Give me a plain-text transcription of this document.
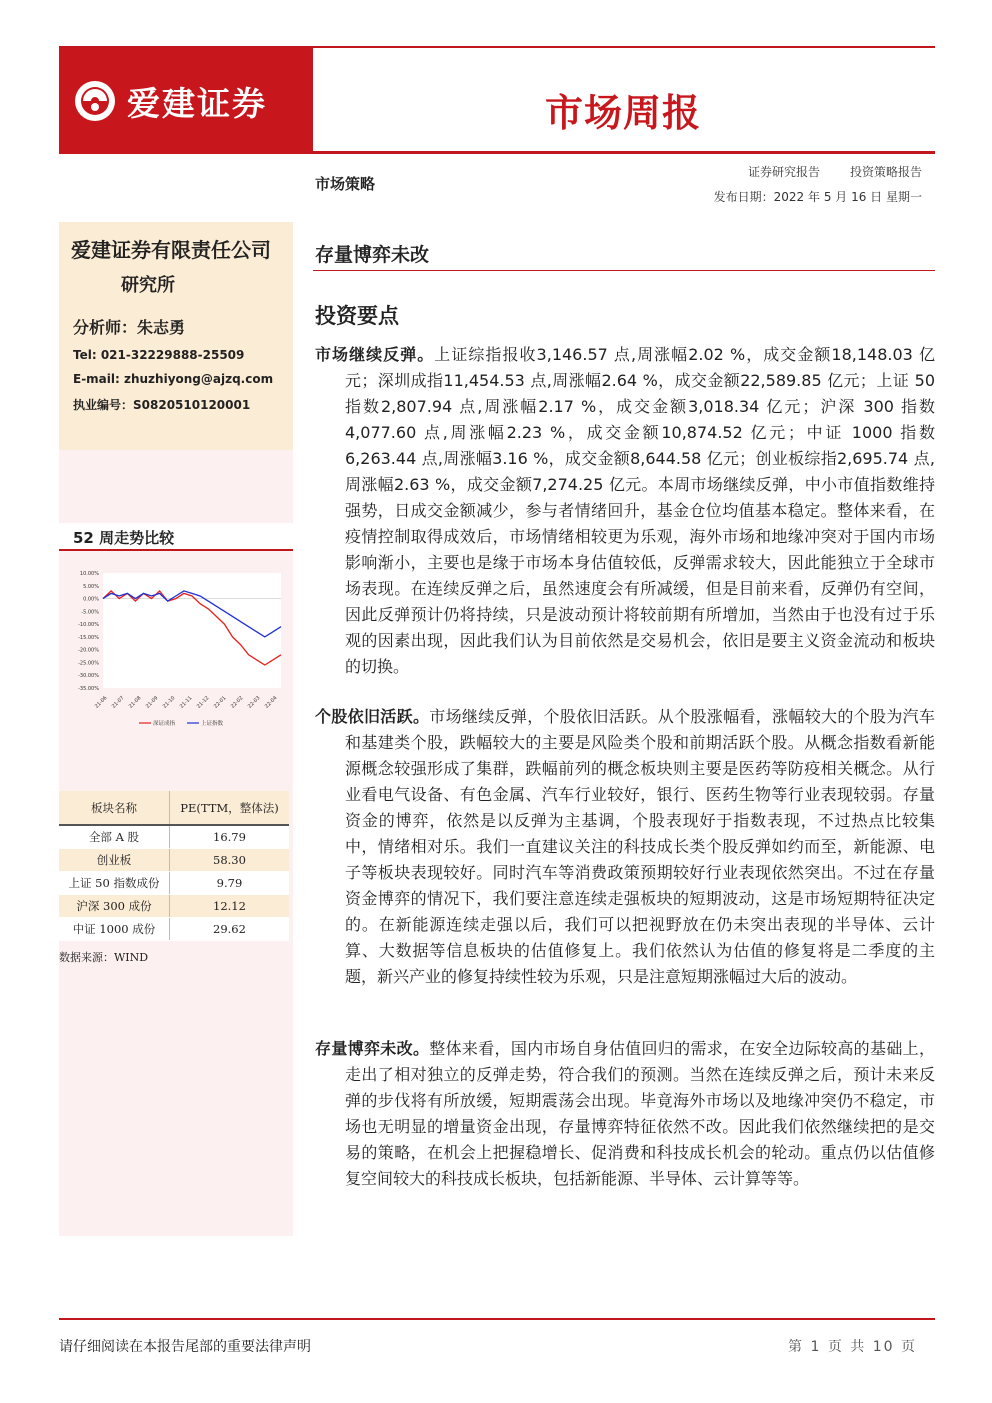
爱建证券	市场周报
市场策略
证券研究报告	投资策略报告
发布日期：2022 年 5 月 16 日 星期一
爱建证券有限责任公司
研究所
分析师：朱志勇
Tel: 021-32229888-25509
E-mail: zhuzhiyong@ajzq.com
执业编号：S0820510120001
52 周走势比较
10.00%
5.00%
0.00%
-5.00%
-10.00%
-15.00%
-20.00%
-25.00%
-30.00%
-35.00%
21-06 21-07 21-08 21-09 21-10 21-11 21-12 22-01 22-02 22-03 22-04
深证成指	上证指数
板块名称	PE(TTM，整体法)
全部 A 股	16.79
创业板	58.30
上证 50 指数成份	9.79
沪深 300 成份	12.12
中证 1000 成份	29.62
数据来源：WIND
存量博弈未改
投资要点
市场继续反弹。上证综指报收3,146.57 点,周涨幅2.02 %，成交金额18,148.03 亿元；深圳成指11,454.53 点,周涨幅2.64 %，成交金额22,589.85 亿元；上证 50 指数2,807.94 点,周涨幅2.17 %，成交金额3,018.34 亿元；沪深 300 指数4,077.60 点,周涨幅2.23 %，成交金额10,874.52 亿元；中证 1000 指数6,263.44 点,周涨幅3.16 %，成交金额8,644.58 亿元；创业板综指2,695.74 点,周涨幅2.63 %，成交金额7,274.25 亿元。本周市场继续反弹，中小市值指数维持强势，日成交金额减少，参与者情绪回升，基金仓位均值基本稳定。整体来看，在疫情控制取得成效后，市场情绪相较更为乐观，海外市场和地缘冲突对于国内市场影响渐小，主要也是缘于市场本身估值较低，反弹需求较大，因此能独立于全球市场表现。在连续反弹之后，虽然速度会有所减缓，但是目前来看，反弹仍有空间，因此反弹预计仍将持续，只是波动预计将较前期有所增加，当然由于也没有过于乐观的因素出现，因此我们认为目前依然是交易机会，依旧是要主义资金流动和板块的切换。
个股依旧活跃。市场继续反弹，个股依旧活跃。从个股涨幅看，涨幅较大的个股为汽车和基建类个股，跌幅较大的主要是风险类个股和前期活跃个股。从概念指数看新能源概念较强形成了集群，跌幅前列的概念板块则主要是医药等防疫相关概念。从行业看电气设备、有色金属、汽车行业较好，银行、医药生物等行业表现较弱。存量资金的博弈，依然是以反弹为主基调，个股表现好于指数表现，不过热点比较集中，情绪相对乐。我们一直建议关注的科技成长类个股反弹如约而至，新能源、电子等板块表现较好。同时汽车等消费政策预期较好行业表现依然突出。不过在存量资金博弈的情况下，我们要注意连续走强板块的短期波动，这是市场短期特征决定的。在新能源连续走强以后，我们可以把视野放在仍未突出表现的半导体、云计算、大数据等信息板块的估值修复上。我们依然认为估值的修复将是二季度的主题，新兴产业的修复持续性较为乐观，只是注意短期涨幅过大后的波动。
存量博弈未改。整体来看，国内市场自身估值回归的需求，在安全边际较高的基础上，走出了相对独立的反弹走势，符合我们的预测。当然在连续反弹之后，预计未来反弹的步伐将有所放缓，短期震荡会出现。毕竟海外市场以及地缘冲突仍不稳定，市场也无明显的增量资金出现，存量博弈特征依然不改。因此我们依然继续把的是交易的策略，在机会上把握稳增长、促消费和科技成长机会的轮动。重点仍以估值修复空间较大的科技成长板块，包括新能源、半导体、云计算等等。
请仔细阅读在本报告尾部的重要法律声明	第 1 页 共 10 页
